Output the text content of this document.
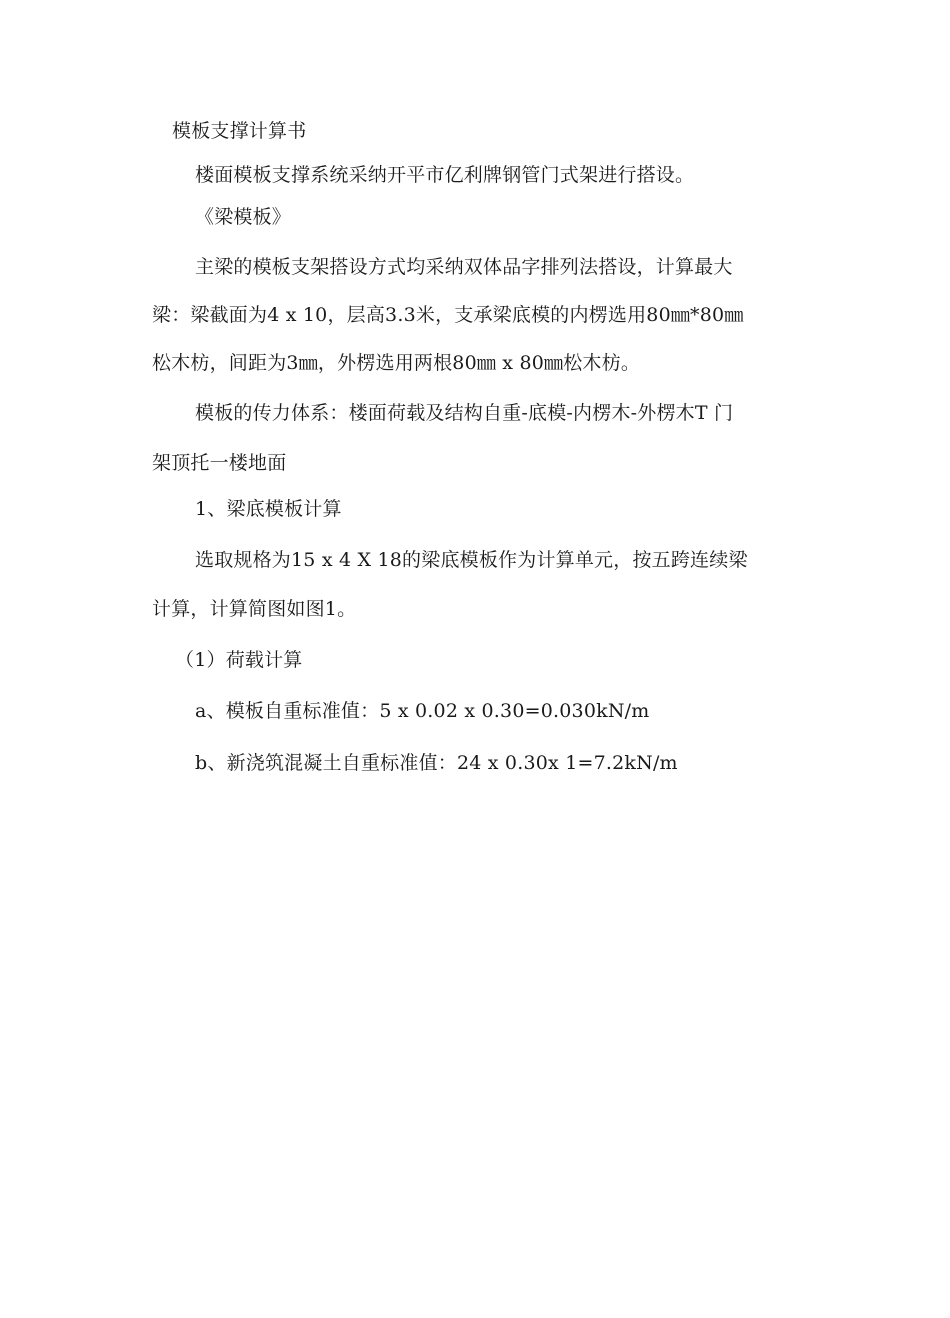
模板支撑计算书
楼面模板支撑系统采纳开平市亿利牌钢管门式架进行搭设。
《梁模板》
主梁的模板支架搭设方式均采纳双体品字排列法搭设，计算最大
梁：梁截面为4 x 10，层高3.3米，支承梁底模的内楞选用80㎜*80㎜
松木枋，间距为3㎜，外楞选用两根80㎜ x 80㎜松木枋。
模板的传力体系：楼面荷载及结构自重-底模-内楞木-外楞木T 门
架顶托一楼地面
1、梁底模板计算
选取规格为15 x 4 X 18的梁底模板作为计算单元，按五跨连续梁
计算，计算简图如图1。
（1）荷载计算
a、模板自重标准值：5 x 0.02 x 0.30=0.030kN/m
b、新浇筑混凝土自重标准值：24 x 0.30x 1=7.2kN/m
